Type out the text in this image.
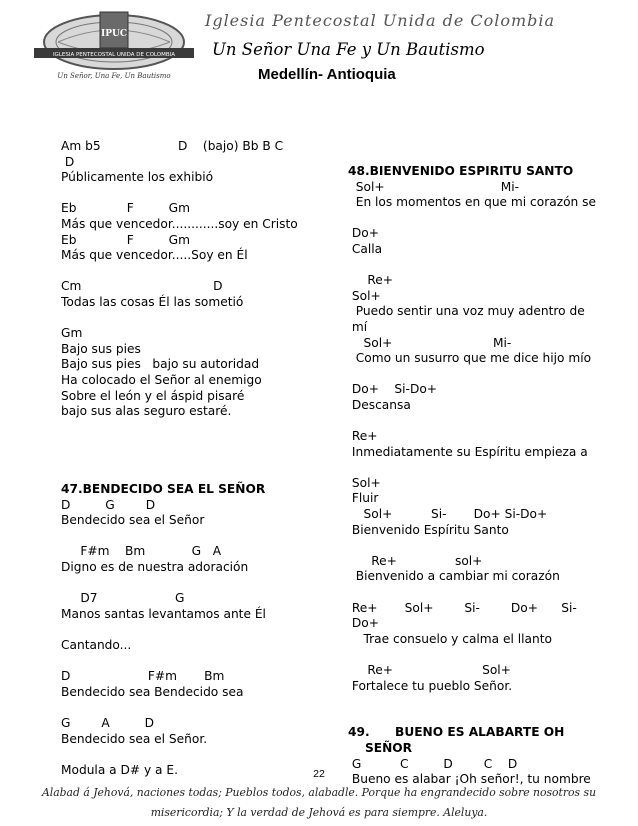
IPUC
IGLESIA PENTECOSTAL UNIDA DE COLOMBIA
Un Señor, Una Fe, Un Bautismo
Iglesia Pentecostal Unida de Colombia
Un Señor Una Fe y Un Bautismo
Medellín- Antioquia
Am b5                    D    (bajo) Bb B C
D
Públicamente los exhibió
Eb             F         Gm
Más que vencedor............soy en Cristo
Eb             F         Gm
Más que vencedor.....Soy en Él
Cm                                  D
Todas las cosas Él las sometió
Gm
Bajo sus pies
Bajo sus pies   bajo su autoridad
Ha colocado el Señor al enemigo
Sobre el león y el áspid pisaré
bajo sus alas seguro estaré.
47.BENDECIDO SEA EL SEÑOR
D         G        D
Bendecido sea el Señor
F#m    Bm            G   A
Digno es de nuestra adoración
D7                    G
Manos santas levantamos ante Él
Cantando...
D                    F#m       Bm
Bendecido sea Bendecido sea
G        A         D
Bendecido sea el Señor.
Modula a D# y a E.
48.BIENVENIDO ESPIRITU SANTO
Sol+                              Mi-
En los momentos en que mi corazón se
Do+
Calla
Re+
Sol+
Puedo sentir una voz muy adentro de
mí
Sol+                          Mi-
Como un susurro que me dice hijo mío
Do+    Si-Do+
Descansa
Re+
Inmediatamente su Espíritu empieza a
Sol+
Fluir
Sol+          Si-       Do+ Si-Do+
Bienvenido Espíritu Santo
Re+               sol+
Bienvenido a cambiar mi corazón
Re+       Sol+        Si-        Do+      Si-
Do+
Trae consuelo y calma el llanto
Re+                       Sol+
Fortalece tu pueblo Señor.
49.      BUENO ES ALABARTE OH
SEÑOR
G          C         D        C    D
Bueno es alabar ¡Oh señor!, tu nombre
22
Alabad á Jehová, naciones todas; Pueblos todos, alabadle. Porque ha engrandecido sobre nosotros su
misericordia; Y la verdad de Jehová es para siempre. Aleluya.
